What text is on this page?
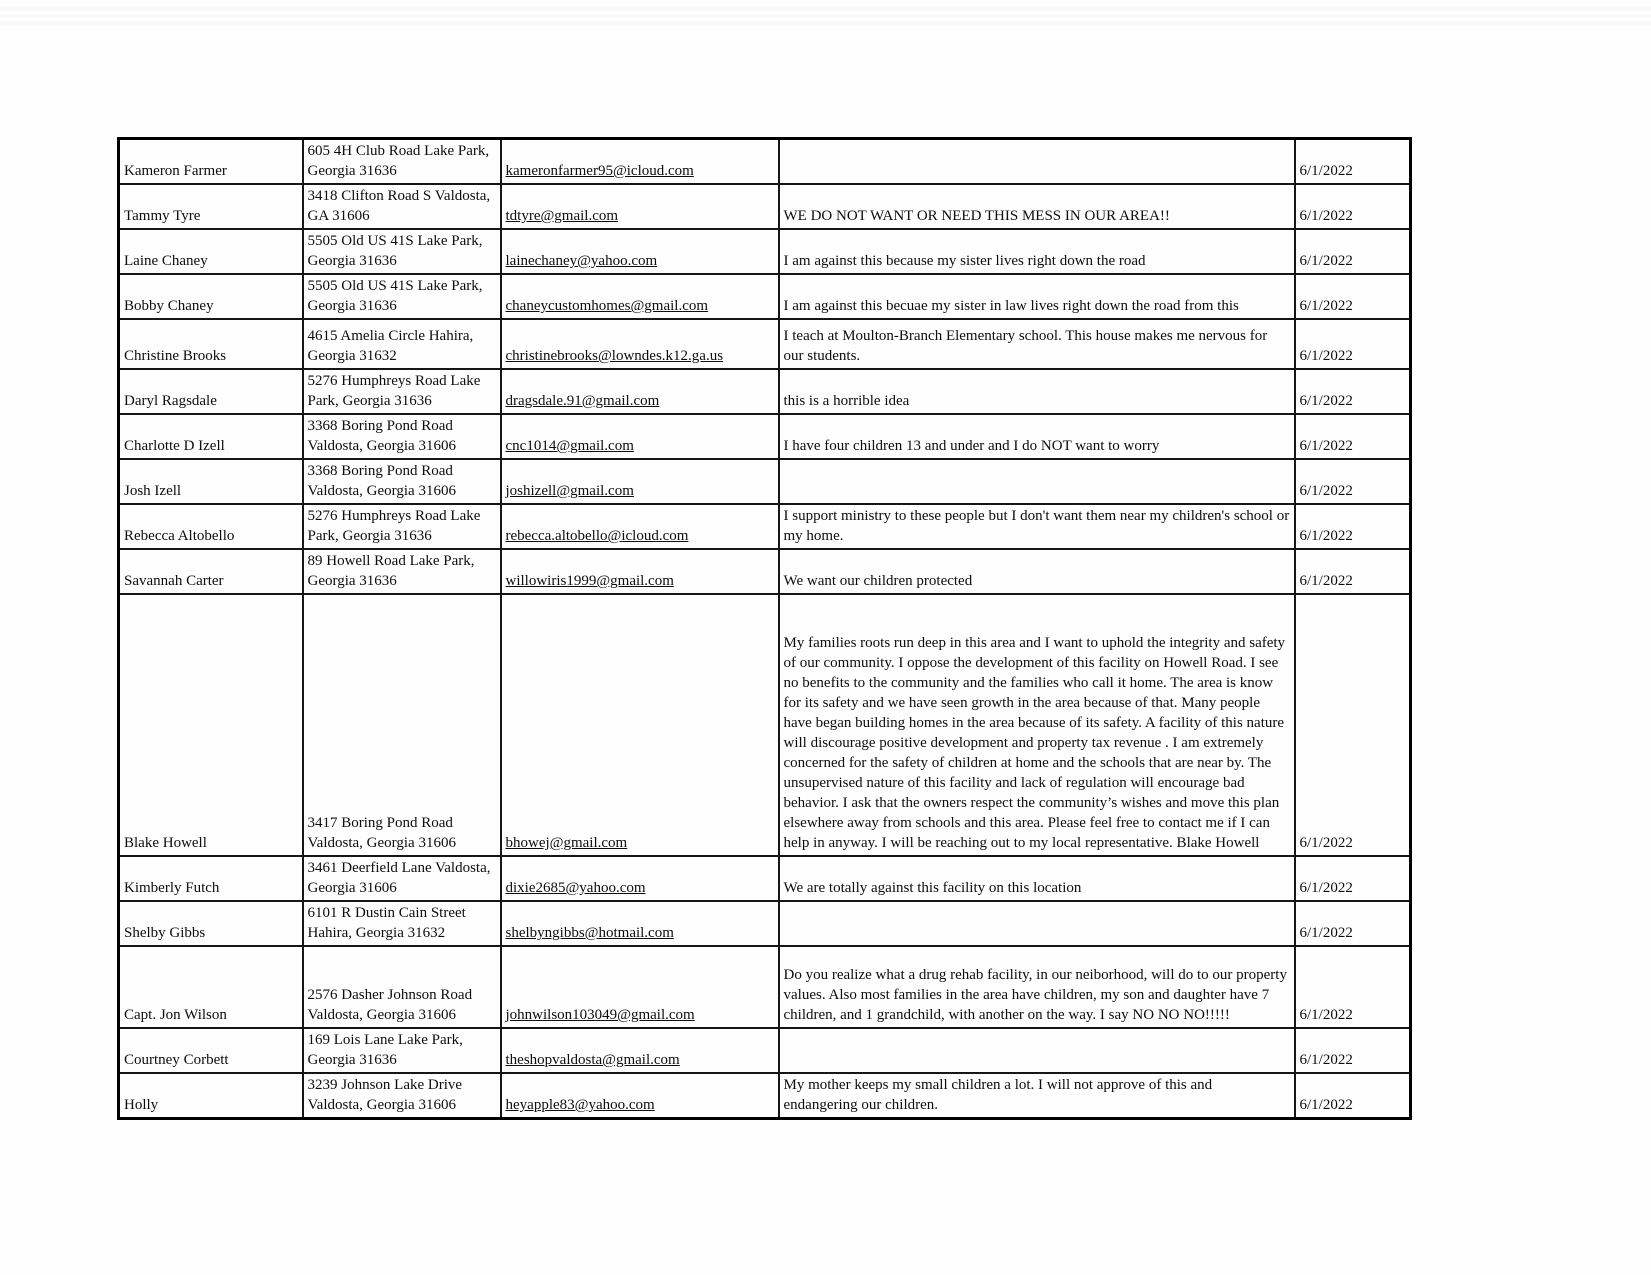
Kameron Farmer	605 4H Club Road Lake Park, Georgia 31636	kameronfarmer95@icloud.com		6/1/2022
Tammy Tyre	3418 Clifton Road S Valdosta, GA 31606	tdtyre@gmail.com	WE DO NOT WANT OR NEED THIS MESS IN OUR AREA!!	6/1/2022
Laine Chaney	5505 Old US 41S Lake Park, Georgia 31636	lainechaney@yahoo.com	I am against this because my sister lives right down the road	6/1/2022
Bobby Chaney	5505 Old US 41S Lake Park, Georgia 31636	chaneycustomhomes@gmail.com	I am against this becuae my sister in law lives right down the road from this	6/1/2022
Christine Brooks	4615 Amelia Circle Hahira, Georgia 31632	christinebrooks@lowndes.k12.ga.us	I teach at Moulton-Branch Elementary school. This house makes me nervous for our students.	6/1/2022
Daryl Ragsdale	5276 Humphreys Road Lake Park, Georgia 31636	dragsdale.91@gmail.com	this is a horrible idea	6/1/2022
Charlotte D Izell	3368 Boring Pond Road Valdosta, Georgia 31606	cnc1014@gmail.com	I have four children 13 and under and I do NOT want to worry	6/1/2022
Josh Izell	3368 Boring Pond Road Valdosta, Georgia 31606	joshizell@gmail.com		6/1/2022
Rebecca Altobello	5276 Humphreys Road Lake Park, Georgia 31636	rebecca.altobello@icloud.com	I support ministry to these people but I don't want them near my children's school or my home.	6/1/2022
Savannah Carter	89 Howell Road Lake Park, Georgia 31636	willowiris1999@gmail.com	We want our children protected	6/1/2022
Blake Howell	3417 Boring Pond Road Valdosta, Georgia 31606	bhowej@gmail.com	My families roots run deep in this area and I want to uphold the integrity and safety of our community. I oppose the development of this facility on Howell Road. I see no benefits to the community and the families who call it home. The area is know for its safety and we have seen growth in the area because of that. Many people have began building homes in the area because of its safety. A facility of this nature will discourage positive development and property tax revenue . I am extremely concerned for the safety of children at home and the schools that are near by. The unsupervised nature of this facility and lack of regulation will encourage bad behavior. I ask that the owners respect the community’s wishes and move this plan elsewhere away from schools and this area. Please feel free to contact me if I can help in anyway. I will be reaching out to my local representative. Blake Howell	6/1/2022
Kimberly Futch	3461 Deerfield Lane Valdosta, Georgia 31606	dixie2685@yahoo.com	We are totally against this facility on this location	6/1/2022
Shelby Gibbs	6101 R Dustin Cain Street Hahira, Georgia 31632	shelbyngibbs@hotmail.com		6/1/2022
Capt. Jon Wilson	2576 Dasher Johnson Road Valdosta, Georgia 31606	johnwilson103049@gmail.com	Do you realize what a drug rehab facility, in our neiborhood, will do to our property values. Also most families in the area have children, my son and daughter have 7 children, and 1 grandchild, with another on the way. I say NO NO NO!!!!!	6/1/2022
Courtney Corbett	169 Lois Lane Lake Park, Georgia 31636	theshopvaldosta@gmail.com		6/1/2022
Holly	3239 Johnson Lake Drive Valdosta, Georgia 31606	heyapple83@yahoo.com	My mother keeps my small children a lot. I will not approve of this and endangering our children.	6/1/2022
